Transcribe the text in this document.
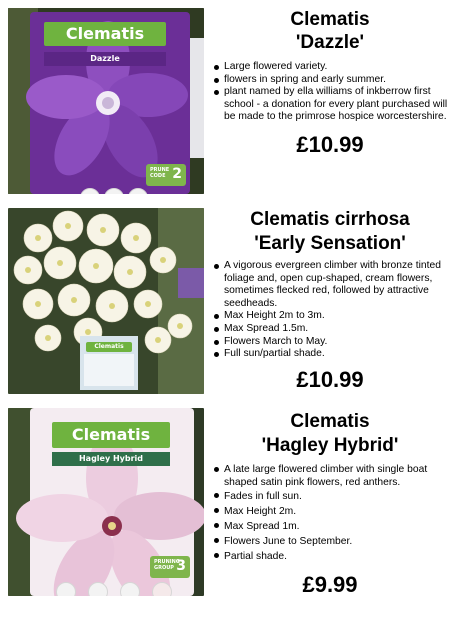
Clematis
Dazzle
PRUNE CODE 2
Clematis
'Dazzle'
Large flowered variety.
flowers in spring and early summer.
plant named by ella williams of inkberrow first school - a donation for every plant purchased will be made to the primrose hospice worcestershire.
£10.99
Clematis
Clematis cirrhosa
'Early Sensation'
A vigorous evergreen climber with bronze tinted foliage and, open cup-shaped, cream flowers, sometimes flecked red, followed by attractive seedheads.
Max Height 2m to 3m.
Max Spread 1.5m.
Flowers March to May.
Full sun/partial shade.
£10.99
Clematis
Hagley Hybrid
PRUNING GROUP 3
Clematis
'Hagley Hybrid'
A late large flowered climber with single boat shaped satin pink flowers, red anthers.
Fades in full sun.
Max Height 2m.
Max Spread 1m.
Flowers June to September.
Partial shade.
£9.99
